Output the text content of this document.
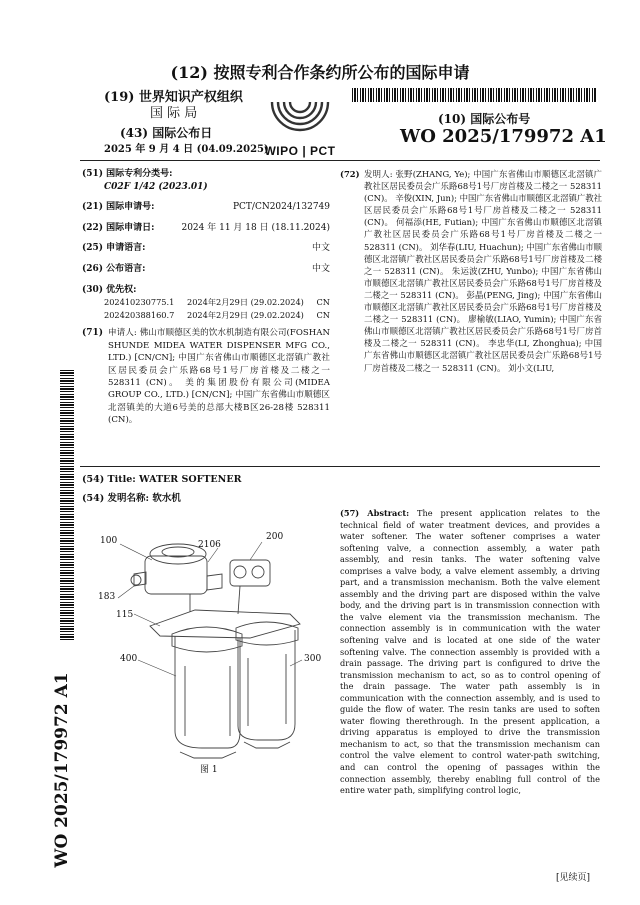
(12) 按照专利合作条约所公布的国际申请
(19) 世界知识产权组织
国 际 局
(43) 国际公布日
2025 年 9 月 4 日 (04.09.2025)
WIPO | PCT
(10) 国际公布号
WO 2025/179972 A1
(51) 国际专利分类号:
C02F 1/42 (2023.01)
(21) 国际申请号:	PCT/CN2024/132749
(22) 国际申请日:	2024 年 11 月 18 日 (18.11.2024)
(25) 申请语言:	中文
(26) 公布语言:	中文
(30) 优先权:
202410230775.1 2024年2月29日 (29.02.2024) CN
202420388160.7 2024年2月29日 (29.02.2024) CN
(71) 申请人: 佛山市顺德区美的饮水机制造有限公司(FOSHAN SHUNDE MIDEA WATER DISPENSER MFG CO., LTD.) [CN/CN]; 中国广东省佛山市顺德区北滘镇广教社区居民委员会广乐路68号1号厂房首楼及二楼之一 528311 (CN)。 美的集团股份有限公司(MIDEA GROUP CO., LTD.) [CN/CN]; 中国广东省佛山市顺德区北滘镇美的大道6号美的总部大楼B区26-28楼 528311 (CN)。
(72) 发明人: 张野(ZHANG, Ye); 中国广东省佛山市顺德区北滘镇广教社区居民委员会广乐路68号1号厂房首楼及二楼之一 528311 (CN)。 辛俊(XIN, Jun); 中国广东省佛山市顺德区北滘镇广教社区居民委员会广乐路68号1号厂房首楼及二楼之一 528311 (CN)。 何福添(HE, Futian); 中国广东省佛山市顺德区北滘镇广教社区居民委员会广乐路68号1号厂房首楼及二楼之一 528311 (CN)。 刘华春(LIU, Huachun); 中国广东省佛山市顺德区北滘镇广教社区居民委员会广乐路68号1号厂房首楼及二楼之一 528311 (CN)。 朱运波(ZHU, Yunbo); 中国广东省佛山市顺德区北滘镇广教社区居民委员会广乐路68号1号厂房首楼及二楼之一 528311 (CN)。 彭晶(PENG, Jing); 中国广东省佛山市顺德区北滘镇广教社区居民委员会广乐路68号1号厂房首楼及二楼之一 528311 (CN)。 廖榆敏(LIAO, Yumin); 中国广东省佛山市顺德区北滘镇广教社区居民委员会广乐路68号1号厂房首楼及二楼之一 528311 (CN)。 李忠华(LI, Zhonghua); 中国广东省佛山市顺德区北滘镇广教社区居民委员会广乐路68号1号厂房首楼及二楼之一 528311 (CN)。 刘小文(LIU,
WO 2025/179972 A1
(54) Title: WATER SOFTENER
(54) 发明名称: 软水机
100	2106
200
183
115
400	300
图 1
(57) Abstract: The present application relates to the technical field of water treatment devices, and provides a water softener. The water softener comprises a water softening valve, a connection assembly, a water path assembly, and resin tanks. The water softening valve comprises a valve body, a valve element assembly, a driving part, and a transmission mechanism. Both the valve element assembly and the driving part are disposed within the valve body, and the driving part is in transmission connection with the valve element via the transmission mechanism. The connection assembly is in communication with the water softening valve and is located at one side of the water softening valve. The connection assembly is provided with a drain passage. The driving part is configured to drive the transmission mechanism to act, so as to control opening of the drain passage. The water path assembly is in communication with the connection assembly, and is used to guide the flow of water. The resin tanks are used to soften water flowing therethrough. In the present application, a driving apparatus is employed to drive the transmission mechanism to act, so that the transmission mechanism can control the valve element to control water-path switching, and can control the opening of passages within the connection assembly, thereby enabling full control of the entire water path, simplifying control logic,
[见续页]
